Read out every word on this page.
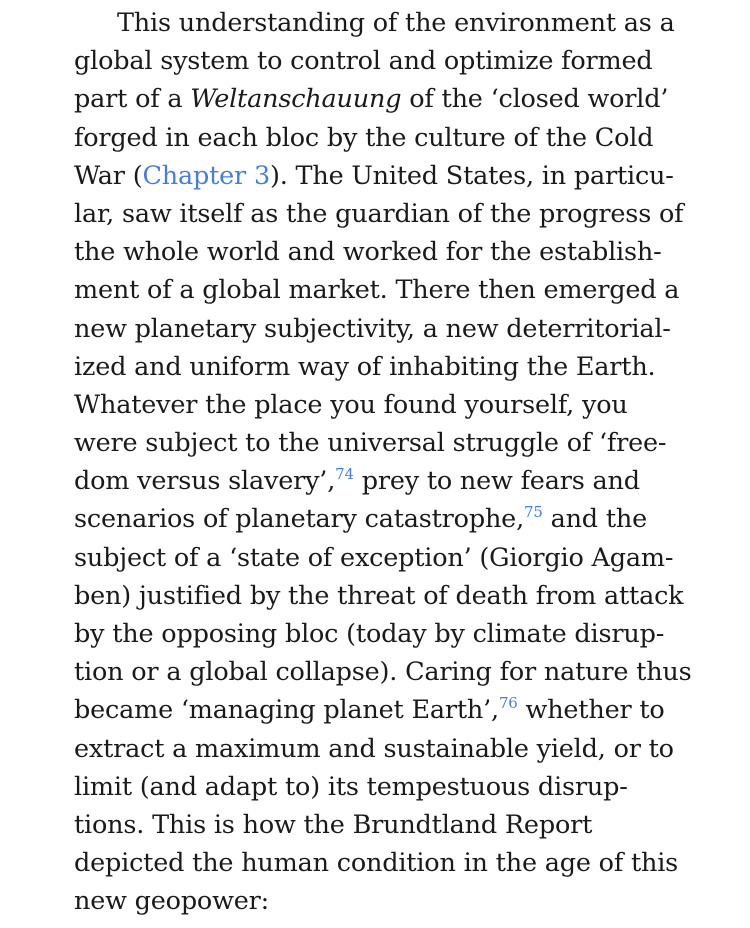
This understanding of the environment as a
global system to control and optimize formed
part of a Weltanschauung of the ‘closed world’
forged in each bloc by the culture of the Cold
War (Chapter 3). The United States, in particu-
lar, saw itself as the guardian of the progress of
the whole world and worked for the establish-
ment of a global market. There then emerged a
new planetary subjectivity, a new deterritorial-
ized and uniform way of inhabiting the Earth.
Whatever the place you found yourself, you
were subject to the universal struggle of ‘free-
dom versus slavery’,$^{74}$ prey to new fears and
scenarios of planetary catastrophe,$^{75}$ and the
subject of a ‘state of exception’ (Giorgio Agam-
ben) justified by the threat of death from attack
by the opposing bloc (today by climate disrup-
tion or a global collapse). Caring for nature thus
became ‘managing planet Earth’,$^{76}$ whether to
extract a maximum and sustainable yield, or to
limit (and adapt to) its tempestuous disrup-
tions. This is how the Brundtland Report
depicted the human condition in the age of this
new geopower:
